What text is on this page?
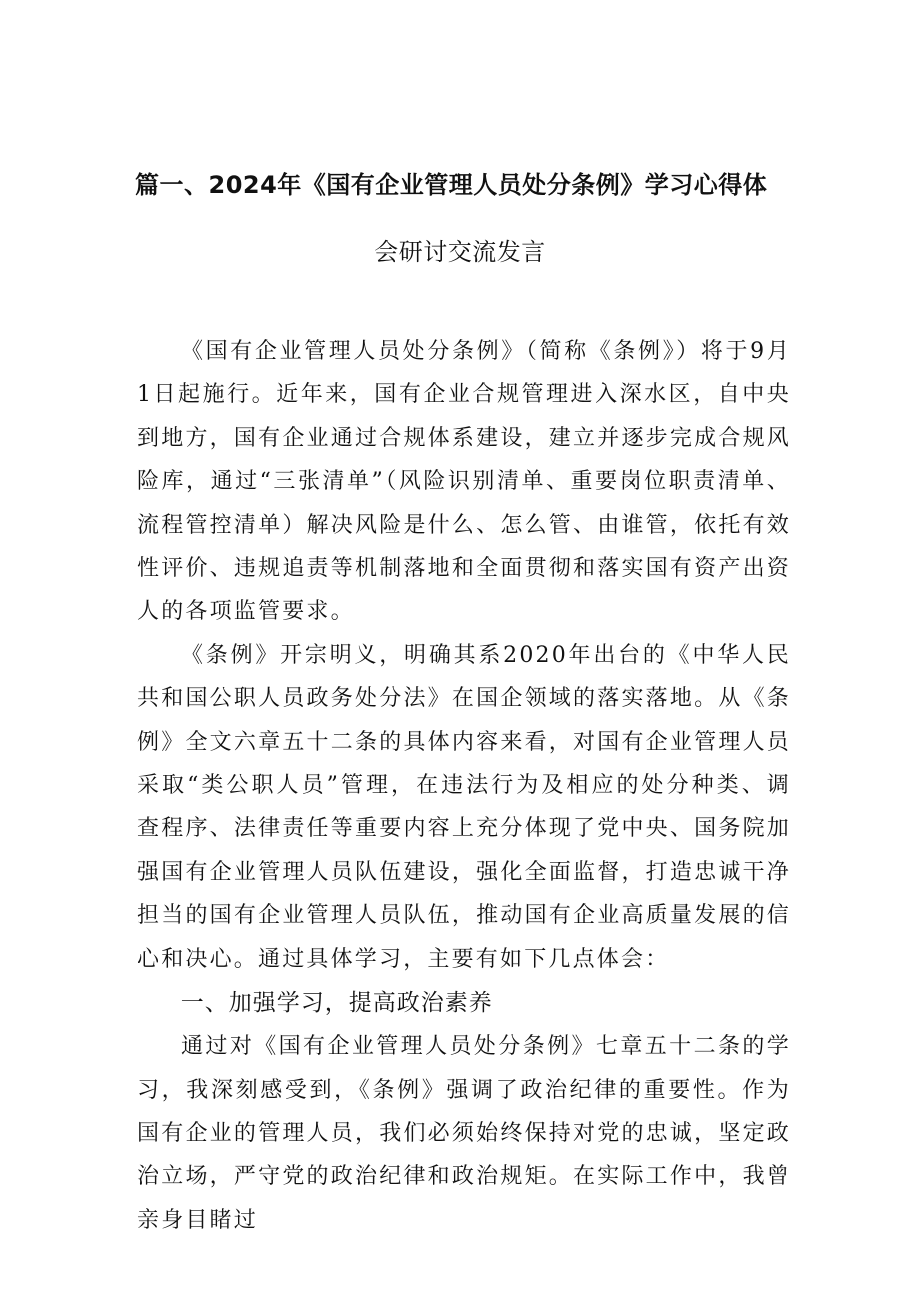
篇一、2024年《国有企业管理人员处分条例》学习心得体
会研讨交流发言

《国有企业管理人员处分条例》（简称《条例》）将于9月1日起施行。近年来，国有企业合规管理进入深水区，自中央到地方，国有企业通过合规体系建设，建立并逐步完成合规风险库，通过“三张清单”（风险识别清单、重要岗位职责清单、流程管控清单）解决风险是什么、怎么管、由谁管，依托有效性评价、违规追责等机制落地和全面贯彻和落实国有资产出资人的各项监管要求。

《条例》开宗明义，明确其系2020年出台的《中华人民共和国公职人员政务处分法》在国企领域的落实落地。从《条例》全文六章五十二条的具体内容来看，对国有企业管理人员采取“类公职人员”管理，在违法行为及相应的处分种类、调查程序、法律责任等重要内容上充分体现了党中央、国务院加强国有企业管理人员队伍建设，强化全面监督，打造忠诚干净担当的国有企业管理人员队伍，推动国有企业高质量发展的信心和决心。通过具体学习，主要有如下几点体会：

一、加强学习，提高政治素养

通过对《国有企业管理人员处分条例》七章五十二条的学习，我深刻感受到，《条例》强调了政治纪律的重要性。作为国有企业的管理人员，我们必须始终保持对党的忠诚，坚定政治立场，严守党的政治纪律和政治规矩。在实际工作中，我曾亲身目睹过
